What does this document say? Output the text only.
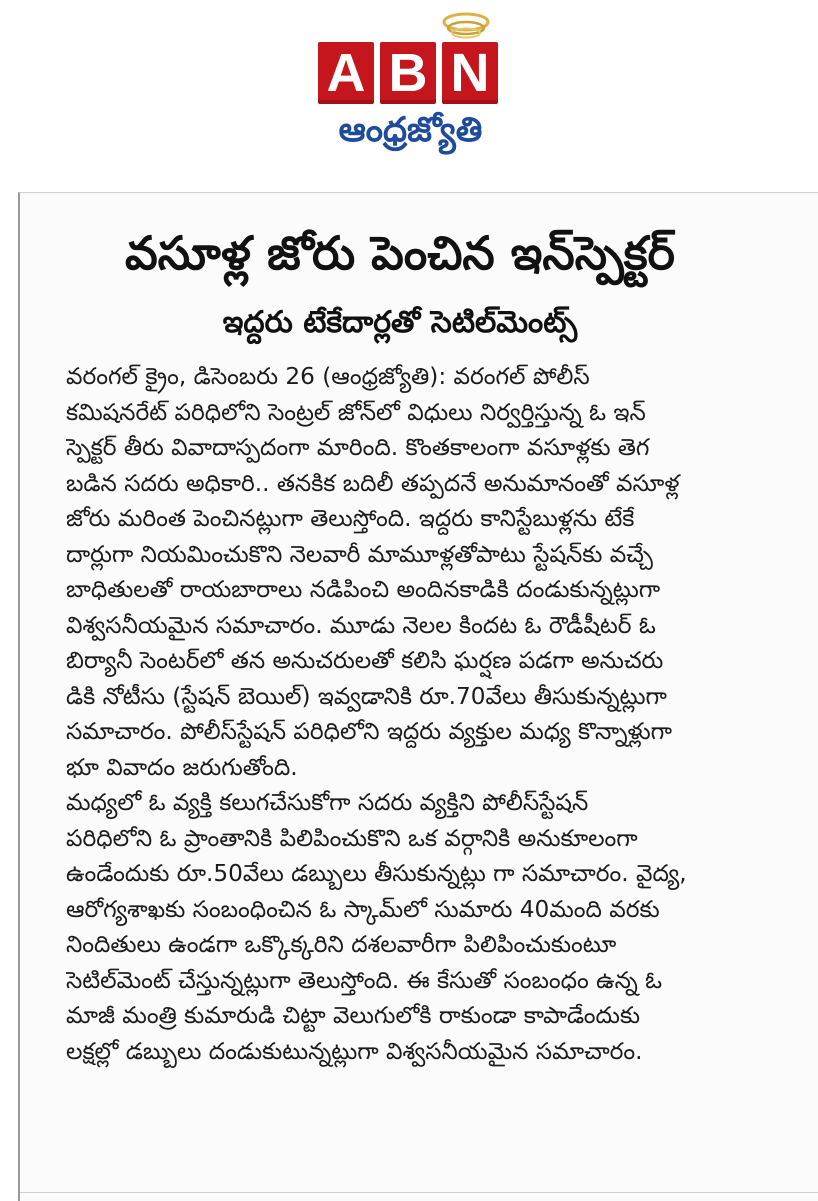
A B N
ఆంధ్రజ్యోతి
వసూళ్ల జోరు పెంచిన ఇన్‌స్పెక్టర్
ఇద్దరు టేకేదార్లతో సెటిల్‌మెంట్స్
వరంగల్ క్రైం, డిసెంబరు 26 (ఆంధ్రజ్యోతి): వరంగల్ పోలీస్
కమిషనరేట్ పరిధిలోని సెంట్రల్ జోన్‌లో విధులు నిర్వర్తిస్తున్న ఓ ఇన్
స్పెక్టర్ తీరు వివాదాస్పదంగా మారింది. కొంతకాలంగా వసూళ్లకు తెగ
బడిన సదరు అధికారి.. తనకిక బదిలీ తప్పదనే అనుమానంతో వసూళ్ల
జోరు మరింత పెంచినట్లుగా తెలుస్తోంది. ఇద్దరు కానిస్టేబుళ్లను టేకే
దార్లుగా నియమించుకొని నెలవారీ మామూళ్లతోపాటు స్టేషన్‌కు వచ్చే
బాధితులతో రాయబారాలు నడిపించి అందినకాడికి దండుకున్నట్లుగా
విశ్వసనీయమైన సమాచారం. మూడు నెలల కిందట ఓ రౌడీషీటర్ ఓ
బిర్యానీ సెంటర్‌లో తన అనుచరులతో కలిసి ఘర్షణ పడగా అనుచరు
డికి నోటీసు (స్టేషన్ బెయిల్) ఇవ్వడానికి రూ.70వేలు తీసుకున్నట్లుగా
సమాచారం. పోలీస్‌స్టేషన్ పరిధిలోని ఇద్దరు వ్యక్తుల మధ్య కొన్నాళ్లుగా
భూ వివాదం జరుగుతోంది.
మధ్యలో ఓ వ్యక్తి కలుగచేసుకోగా సదరు వ్యక్తిని పోలీస్‌స్టేషన్
పరిధిలోని ఓ ప్రాంతానికి పిలిపించుకొని ఒక వర్గానికి అనుకూలంగా
ఉండేందుకు రూ.50వేలు డబ్బులు తీసుకున్నట్లు గా సమాచారం. వైద్య,
ఆరోగ్యశాఖకు సంబంధించిన ఓ స్కామ్‌లో సుమారు 40మంది వరకు
నిందితులు ఉండగా ఒక్కొక్కరిని దశలవారీగా పిలిపించుకుంటూ
సెటిల్‌మెంట్ చేస్తున్నట్లుగా తెలుస్తోంది. ఈ కేసుతో సంబంధం ఉన్న ఓ
మాజీ మంత్రి కుమారుడి చిట్టా వెలుగులోకి రాకుండా కాపాడేందుకు
లక్షల్లో డబ్బులు దండుకుటున్నట్లుగా విశ్వసనీయమైన సమాచారం.
